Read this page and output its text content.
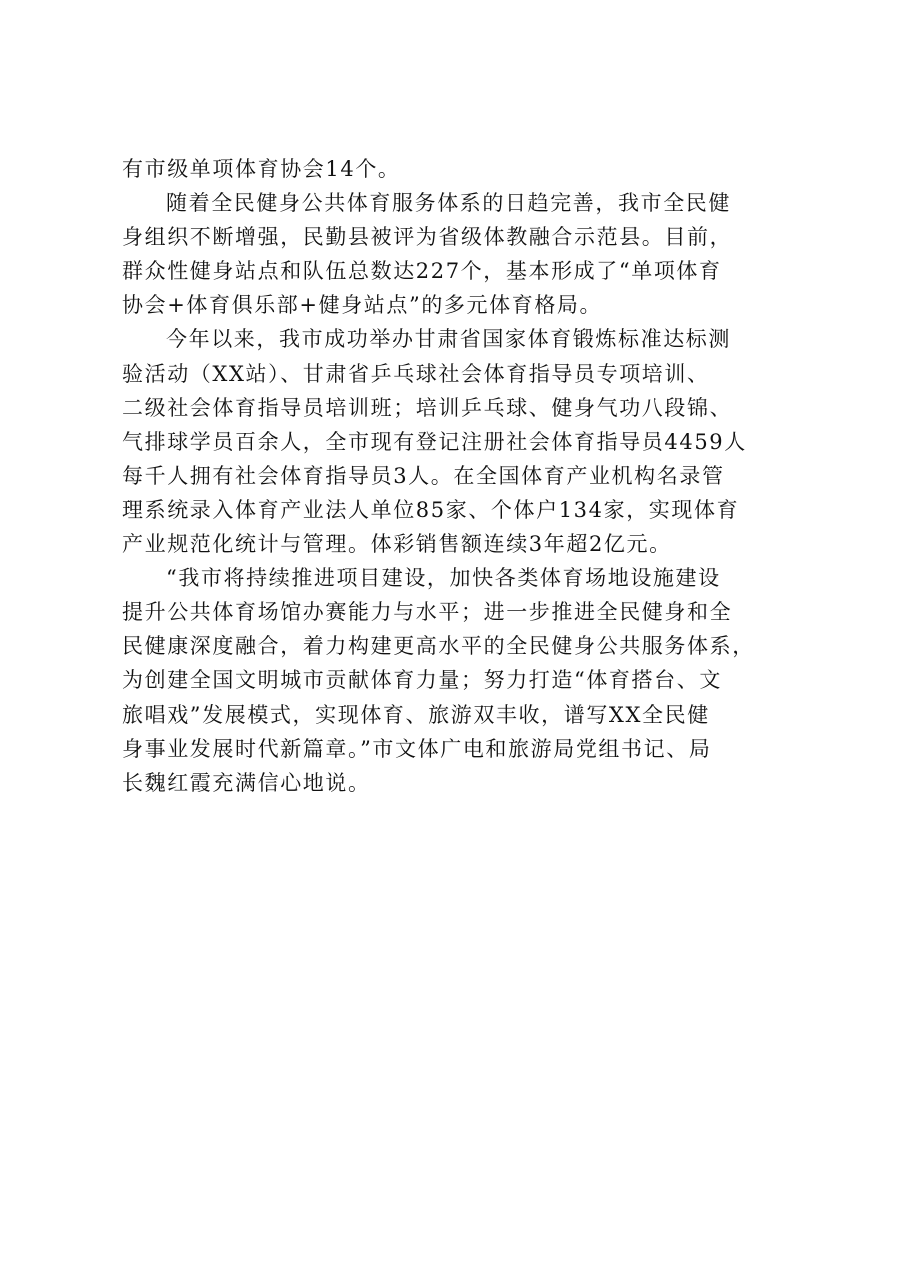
有市级单项体育协会14个。
随着全民健身公共体育服务体系的日趋完善，我市全民健
身组织不断增强，民勤县被评为省级体教融合示范县。目前，
群众性健身站点和队伍总数达227个，基本形成了“单项体育
协会+体育俱乐部+健身站点”的多元体育格局。
今年以来，我市成功举办甘肃省国家体育锻炼标准达标测
验活动（XX站）、甘肃省乒乓球社会体育指导员专项培训、
二级社会体育指导员培训班；培训乒乓球、健身气功八段锦、
气排球学员百余人，全市现有登记注册社会体育指导员4459人
每千人拥有社会体育指导员3人。在全国体育产业机构名录管
理系统录入体育产业法人单位85家、个体户134家，实现体育
产业规范化统计与管理。体彩销售额连续3年超2亿元。
“我市将持续推进项目建设，加快各类体育场地设施建设
提升公共体育场馆办赛能力与水平；进一步推进全民健身和全
民健康深度融合，着力构建更高水平的全民健身公共服务体系，
为创建全国文明城市贡献体育力量；努力打造“体育搭台、文
旅唱戏”发展模式，实现体育、旅游双丰收，谱写XX全民健
身事业发展时代新篇章。”市文体广电和旅游局党组书记、局
长魏红霞充满信心地说。
